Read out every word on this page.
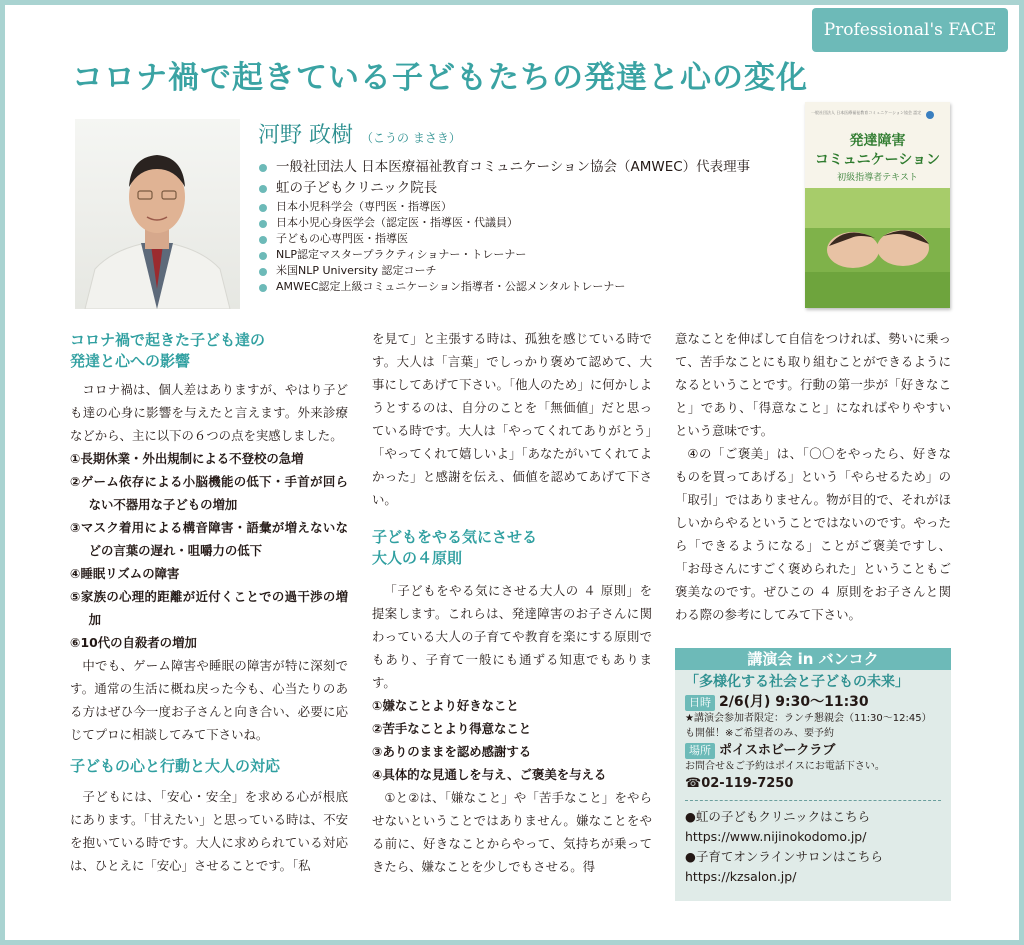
Professional's FACE
コロナ禍で起きている子どもたちの発達と心の変化
河野 政樹 （こうの まさき）
一般社団法人 日本医療福祉教育コミュニケーション協会（AMWEC）代表理事
虹の子どもクリニック院長
日本小児科学会（専門医・指導医）
日本小児心身医学会（認定医・指導医・代議員）
子どもの心専門医・指導医
NLP認定マスタープラクティショナー・トレーナー
米国NLP University 認定コーチ
AMWEC認定上級コミュニケーション指導者・公認メンタルトレーナー
一般社団法人 日本医療福祉教育コミュニケーション協会 認定
発達障害
コミュニケーション
初級指導者テキスト
コロナ禍で起きた子ども達の
発達と心への影響

コロナ禍は、個人差はありますが、やはり子ども達の心身に影響を与えたと言えます。外来診療などから、主に以下の６つの点を実感しました。

①長期休業・外出規制による不登校の急増

②ゲーム依存による小脳機能の低下・手首が回らない不器用な子どもの増加

③マスク着用による構音障害・語彙が増えないなどの言葉の遅れ・咀嚼力の低下

④睡眠リズムの障害

⑤家族の心理的距離が近付くことでの過干渉の増加

⑥10代の自殺者の増加

中でも、ゲーム障害や睡眠の障害が特に深刻です。通常の生活に概ね戻った今も、心当たりのある方はぜひ今一度お子さんと向き合い、必要に応じてプロに相談してみて下さいね。

子どもの心と行動と大人の対応

子どもには、「安心・安全」を求める心が根底にあります。「甘えたい」と思っている時は、不安を抱いている時です。大人に求められている対応は、ひとえに「安心」させることです。「私

を見て」と主張する時は、孤独を感じている時です。大人は「言葉」でしっかり褒めて認めて、大事にしてあげて下さい。「他人のため」に何かしようとするのは、自分のことを「無価値」だと思っている時です。大人は「やってくれてありがとう」「やってくれて嬉しいよ」「あなたがいてくれてよかった」と感謝を伝え、価値を認めてあげて下さい。

子どもをやる気にさせる
大人の４原則

「子どもをやる気にさせる大人の ４ 原則」を提案します。これらは、発達障害のお子さんに関わっている大人の子育てや教育を楽にする原則でもあり、子育て一般にも通ずる知恵でもあります。

①嫌なことより好きなこと

②苦手なことより得意なこと

③ありのままを認め感謝する

④具体的な見通しを与え、ご褒美を与える

①と②は、「嫌なこと」や「苦手なこと」をやらせないということではありません。嫌なことをやる前に、好きなことからやって、気持ちが乗ってきたら、嫌なことを少しでもさせる。得

意なことを伸ばして自信をつければ、勢いに乗って、苦手なことにも取り組むことができるようになるということです。行動の第一歩が「好きなこと」であり、「得意なこと」になればやりやすいという意味です。

④の「ご褒美」は、「〇〇をやったら、好きなものを買ってあげる」という「やらせるため」の「取引」ではありません。物が目的で、それがほしいからやるということではないのです。やったら「できるようになる」ことがご褒美ですし、「お母さんにすごく褒められた」ということもご褒美なのです。ぜひこの ４ 原則をお子さんと関わる際の参考にしてみて下さい。

講演会 in バンコク
「多様化する社会と子どもの未来」
日時 2/6(月) 9:30〜11:30
★講演会参加者限定：ランチ懇親会（11:30〜12:45）
も開催！※ご希望者のみ、要予約
場所 ポイスホビークラブ
お問合せ＆ご予約はポイスにお電話下さい。
☎02-119-7250
●虹の子どもクリニックはこちら
https://www.nijinokodomo.jp/
●子育てオンラインサロンはこちら
https://kzsalon.jp/
